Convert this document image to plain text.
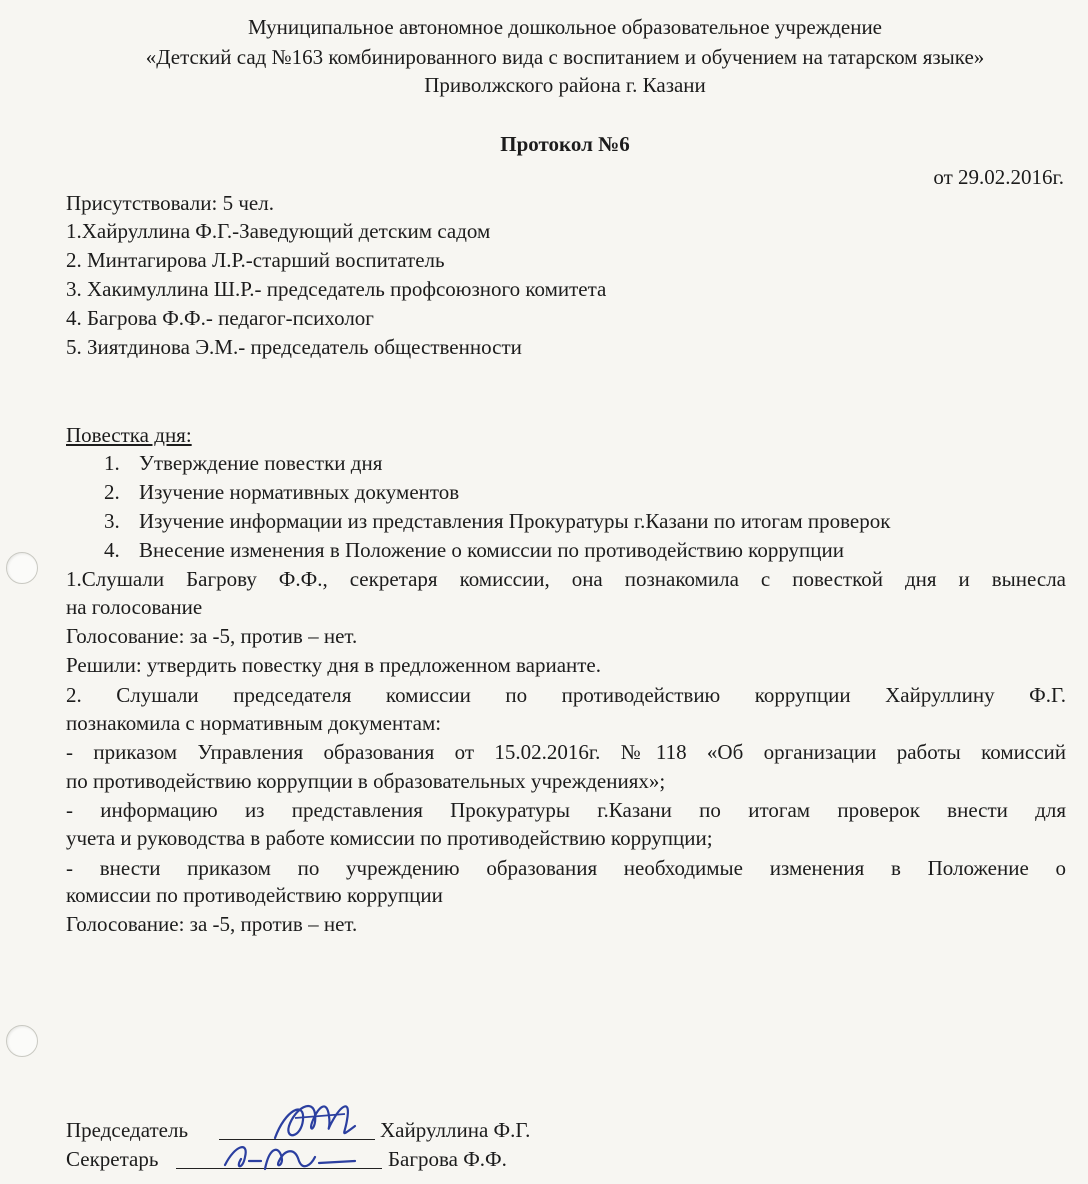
Муниципальное автономное дошкольное образовательное учреждение
«Детский сад №163 комбинированного вида с воспитанием и обучением на татарском языке»
Приволжского района г. Казани
Протокол №6
от 29.02.2016г.
Присутствовали: 5 чел.
1.Хайруллина Ф.Г.-Заведующий детским садом
2. Минтагирова Л.Р.-старший воспитатель
3. Хакимуллина Ш.Р.- председатель профсоюзного комитета
4. Багрова Ф.Ф.- педагог-психолог
5. Зиятдинова Э.М.- председатель общественности
Повестка дня:
1. Утверждение повестки дня
2. Изучение нормативных документов
3. Изучение информации из представления Прокуратуры г.Казани по итогам проверок
4. Внесение изменения в Положение о комиссии по противодействию коррупции
1.Слушали Багрову Ф.Ф., секретаря комиссии, она познакомила с повесткой дня и вынесла
на голосование
Голосование: за -5, против – нет.
Решили: утвердить повестку дня в предложенном варианте.
2. Слушали председателя комиссии по противодействию коррупции Хайруллину Ф.Г.
познакомила с нормативным документам:
- приказом Управления образования от 15.02.2016г. №118 «Об организации работы комиссий
по противодействию коррупции в образовательных учреждениях»;
- информацию из представления Прокуратуры г.Казани по итогам проверок внести для
учета и руководства в работе комиссии по противодействию коррупции;
- внести приказом по учреждению образования необходимые изменения в Положение о
комиссии по противодействию коррупции
Голосование: за -5, против – нет.
Председатель	Хайруллина Ф.Г.
Секретарь	Багрова Ф.Ф.
